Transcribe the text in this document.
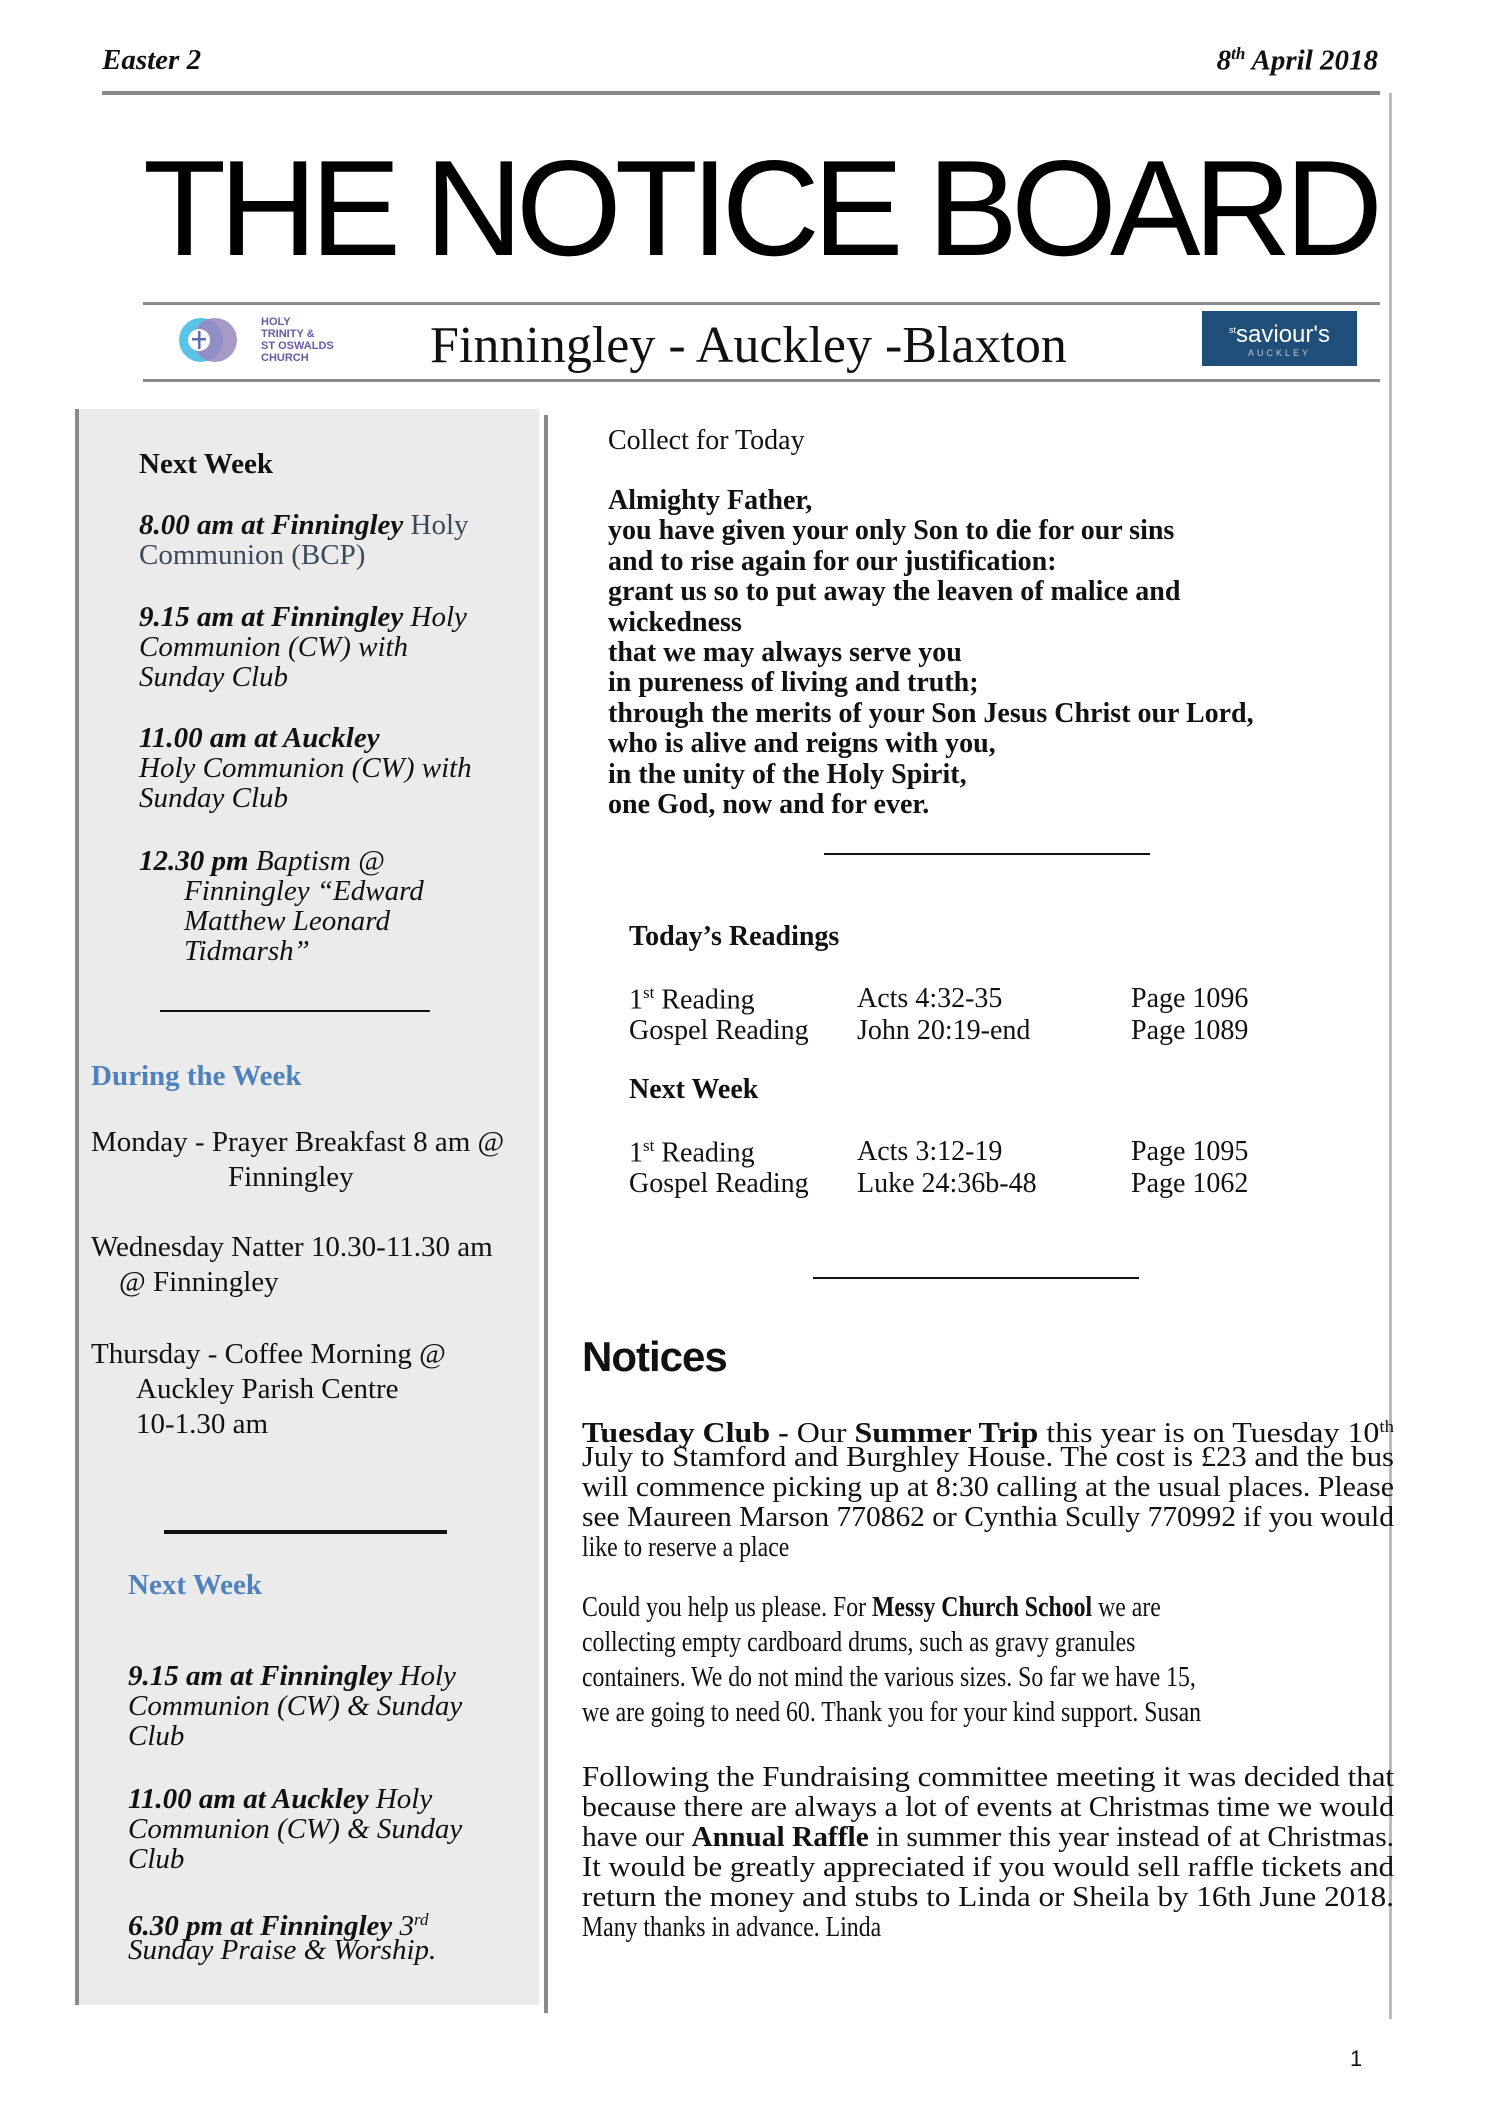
Easter 2	8th April 2018
THE NOTICE BOARD
HOLY
TRINITY &
ST OSWALDS
CHURCH	Finningley - Auckley -Blaxton	$^{st}$saviour's
AUCKLEY
Next Week
8.00 am at Finningley Holy
Communion (BCP)
9.15 am at Finningley Holy
Communion (CW) with
Sunday Club
11.00 am at Auckley
Holy Communion (CW) with
Sunday Club
12.30 pm Baptism @
Finningley “Edward
Matthew Leonard
Tidmarsh”
During the Week
Monday - Prayer Breakfast 8 am @
Finningley
Wednesday Natter 10.30-11.30 am
@ Finningley
Thursday - Coffee Morning @
Auckley Parish Centre
10-1.30 am
Next Week
9.15 am at Finningley Holy
Communion (CW) & Sunday
Club
11.00 am at Auckley Holy
Communion (CW) & Sunday
Club
6.30 pm at Finningley 3rd
Sunday Praise & Worship.
Collect for Today
Almighty Father,
you have given your only Son to die for our sins
and to rise again for our justification:
grant us so to put away the leaven of malice and
wickedness
that we may always serve you
in pureness of living and truth;
through the merits of your Son Jesus Christ our Lord,
who is alive and reigns with you,
in the unity of the Holy Spirit,
one God, now and for ever.
Today’s Readings
1st Reading	Acts 4:32-35	Page 1096
Gospel Reading John 20:19-end	Page 1089
Next Week
1st Reading	Acts 3:12-19	Page 1095
Gospel Reading Luke 24:36b-48	Page 1062
Notices
Tuesday Club - Our Summer Trip this year is on Tuesday 10th
July to Stamford and Burghley House. The cost is £23 and the bus
will commence picking up at 8:30 calling at the usual places. Please
see Maureen Marson 770862 or Cynthia Scully 770992 if you would
like to reserve a place
Could you help us please. For Messy Church School we are
collecting empty cardboard drums, such as gravy granules
containers. We do not mind the various sizes. So far we have 15,
we are going to need 60. Thank you for your kind support. Susan
Following the Fundraising committee meeting it was decided that
because there are always a lot of events at Christmas time we would
have our Annual Raffle in summer this year instead of at Christmas.
It would be greatly appreciated if you would sell raffle tickets and
return the money and stubs to Linda or Sheila by 16th June 2018.
Many thanks in advance. Linda
1
